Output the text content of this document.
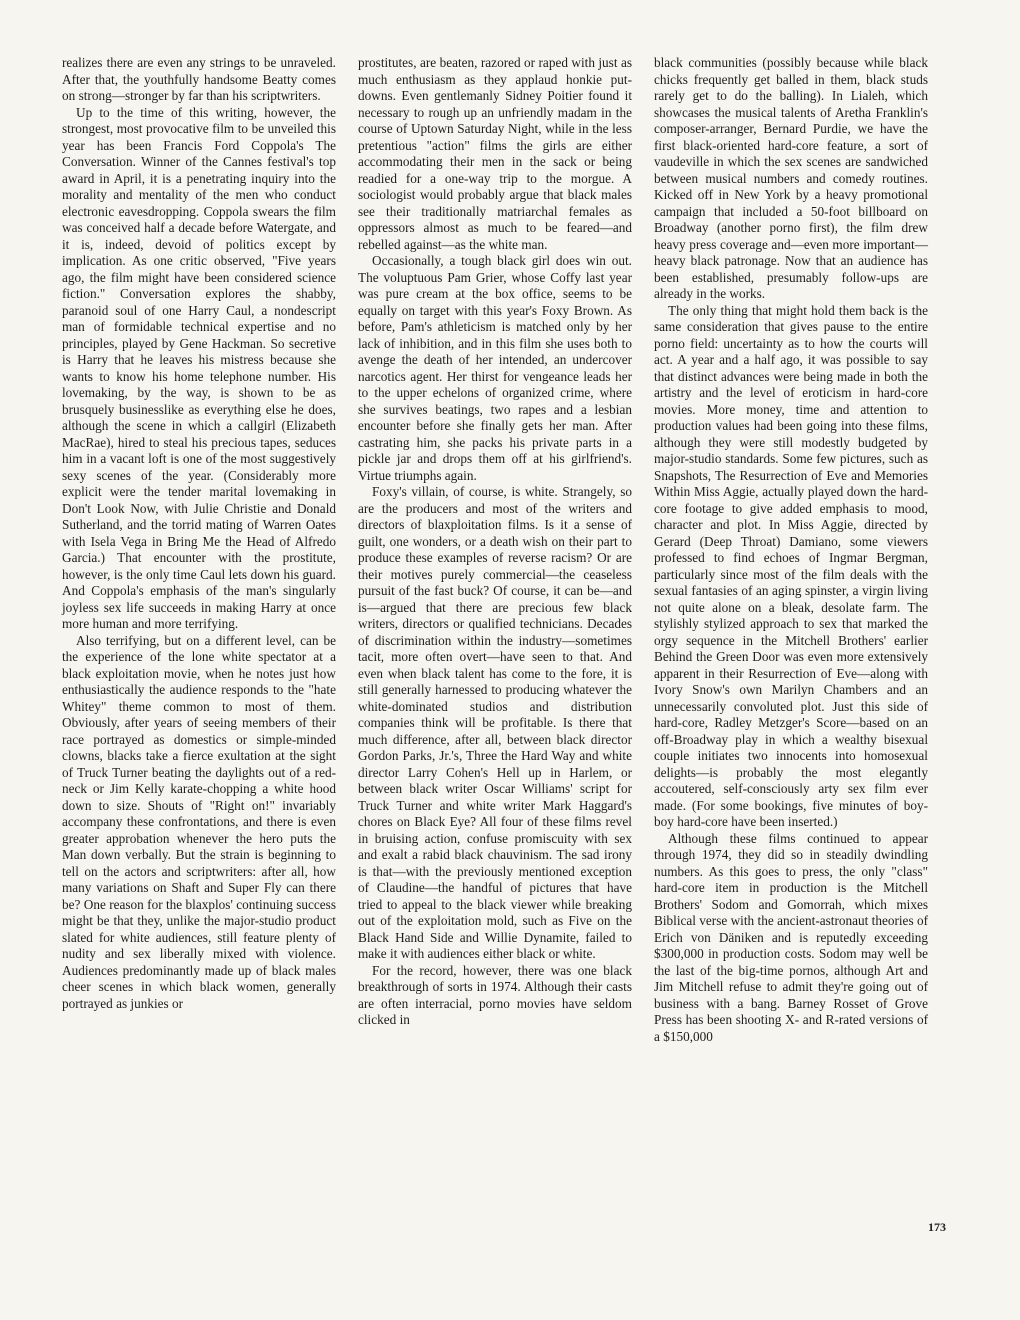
realizes there are even any strings to be unraveled. After that, the youthfully handsome Beatty comes on strong—stronger by far than his scriptwriters.

Up to the time of this writing, however, the strongest, most provocative film to be unveiled this year has been Francis Ford Coppola's The Conversation. Winner of the Cannes festival's top award in April, it is a penetrating inquiry into the morality and mentality of the men who conduct electronic eavesdropping. Coppola swears the film was conceived half a decade before Watergate, and it is, indeed, devoid of politics except by implication. As one critic observed, "Five years ago, the film might have been considered science fiction." Conversation explores the shabby, paranoid soul of one Harry Caul, a nondescript man of formidable technical expertise and no principles, played by Gene Hackman. So secretive is Harry that he leaves his mistress because she wants to know his home telephone number. His lovemaking, by the way, is shown to be as brusquely businesslike as everything else he does, although the scene in which a callgirl (Elizabeth MacRae), hired to steal his precious tapes, seduces him in a vacant loft is one of the most suggestively sexy scenes of the year. (Considerably more explicit were the tender marital lovemaking in Don't Look Now, with Julie Christie and Donald Sutherland, and the torrid mating of Warren Oates with Isela Vega in Bring Me the Head of Alfredo Garcia.) That encounter with the prostitute, however, is the only time Caul lets down his guard. And Coppola's emphasis of the man's singularly joyless sex life succeeds in making Harry at once more human and more terrifying.

Also terrifying, but on a different level, can be the experience of the lone white spectator at a black exploitation movie, when he notes just how enthusiastically the audience responds to the "hate Whitey" theme common to most of them. Obviously, after years of seeing members of their race portrayed as domestics or simple-minded clowns, blacks take a fierce exultation at the sight of Truck Turner beating the daylights out of a red-neck or Jim Kelly karate-chopping a white hood down to size. Shouts of "Right on!" invariably accompany these confrontations, and there is even greater approbation whenever the hero puts the Man down verbally. But the strain is beginning to tell on the actors and scriptwriters: after all, how many variations on Shaft and Super Fly can there be? One reason for the blaxplos' continuing success might be that they, unlike the major-studio product slated for white audiences, still feature plenty of nudity and sex liberally mixed with violence. Audiences predominantly made up of black males cheer scenes in which black women, generally portrayed as junkies or

prostitutes, are beaten, razored or raped with just as much enthusiasm as they applaud honkie put-downs. Even gentlemanly Sidney Poitier found it necessary to rough up an unfriendly madam in the course of Uptown Saturday Night, while in the less pretentious "action" films the girls are either accommodating their men in the sack or being readied for a one-way trip to the morgue. A sociologist would probably argue that black males see their traditionally matriarchal females as oppressors almost as much to be feared—and rebelled against—as the white man.

Occasionally, a tough black girl does win out. The voluptuous Pam Grier, whose Coffy last year was pure cream at the box office, seems to be equally on target with this year's Foxy Brown. As before, Pam's athleticism is matched only by her lack of inhibition, and in this film she uses both to avenge the death of her intended, an undercover narcotics agent. Her thirst for vengeance leads her to the upper echelons of organized crime, where she survives beatings, two rapes and a lesbian encounter before she finally gets her man. After castrating him, she packs his private parts in a pickle jar and drops them off at his girlfriend's. Virtue triumphs again.

Foxy's villain, of course, is white. Strangely, so are the producers and most of the writers and directors of blaxploitation films. Is it a sense of guilt, one wonders, or a death wish on their part to produce these examples of reverse racism? Or are their motives purely commercial—the ceaseless pursuit of the fast buck? Of course, it can be—and is—argued that there are precious few black writers, directors or qualified technicians. Decades of discrimination within the industry—sometimes tacit, more often overt—have seen to that. And even when black talent has come to the fore, it is still generally harnessed to producing whatever the white-dominated studios and distribution companies think will be profitable. Is there that much difference, after all, between black director Gordon Parks, Jr.'s, Three the Hard Way and white director Larry Cohen's Hell up in Harlem, or between black writer Oscar Williams' script for Truck Turner and white writer Mark Haggard's chores on Black Eye? All four of these films revel in bruising action, confuse promiscuity with sex and exalt a rabid black chauvinism. The sad irony is that—with the previously mentioned exception of Claudine—the handful of pictures that have tried to appeal to the black viewer while breaking out of the exploitation mold, such as Five on the Black Hand Side and Willie Dynamite, failed to make it with audiences either black or white.

For the record, however, there was one black breakthrough of sorts in 1974. Although their casts are often interracial, porno movies have seldom clicked in

black communities (possibly because while black chicks frequently get balled in them, black studs rarely get to do the balling). In Lialeh, which showcases the musical talents of Aretha Franklin's composer-arranger, Bernard Purdie, we have the first black-oriented hard-core feature, a sort of vaudeville in which the sex scenes are sandwiched between musical numbers and comedy routines. Kicked off in New York by a heavy promotional campaign that included a 50-foot billboard on Broadway (another porno first), the film drew heavy press coverage and—even more important—heavy black patronage. Now that an audience has been established, presumably follow-ups are already in the works.

The only thing that might hold them back is the same consideration that gives pause to the entire porno field: uncertainty as to how the courts will act. A year and a half ago, it was possible to say that distinct advances were being made in both the artistry and the level of eroticism in hard-core movies. More money, time and attention to production values had been going into these films, although they were still modestly budgeted by major-studio standards. Some few pictures, such as Snapshots, The Resurrection of Eve and Memories Within Miss Aggie, actually played down the hard-core footage to give added emphasis to mood, character and plot. In Miss Aggie, directed by Gerard (Deep Throat) Damiano, some viewers professed to find echoes of Ingmar Bergman, particularly since most of the film deals with the sexual fantasies of an aging spinster, a virgin living not quite alone on a bleak, desolate farm. The stylishly stylized approach to sex that marked the orgy sequence in the Mitchell Brothers' earlier Behind the Green Door was even more extensively apparent in their Resurrection of Eve—along with Ivory Snow's own Marilyn Chambers and an unnecessarily convoluted plot. Just this side of hard-core, Radley Metzger's Score—based on an off-Broadway play in which a wealthy bisexual couple initiates two innocents into homosexual delights—is probably the most elegantly accoutered, self-consciously arty sex film ever made. (For some bookings, five minutes of boy-boy hard-core have been inserted.)

Although these films continued to appear through 1974, they did so in steadily dwindling numbers. As this goes to press, the only "class" hard-core item in production is the Mitchell Brothers' Sodom and Gomorrah, which mixes Biblical verse with the ancient-astronaut theories of Erich von Däniken and is reputedly exceeding $300,000 in production costs. Sodom may well be the last of the big-time pornos, although Art and Jim Mitchell refuse to admit they're going out of business with a bang. Barney Rosset of Grove Press has been shooting X- and R-rated versions of a $150,000

173
